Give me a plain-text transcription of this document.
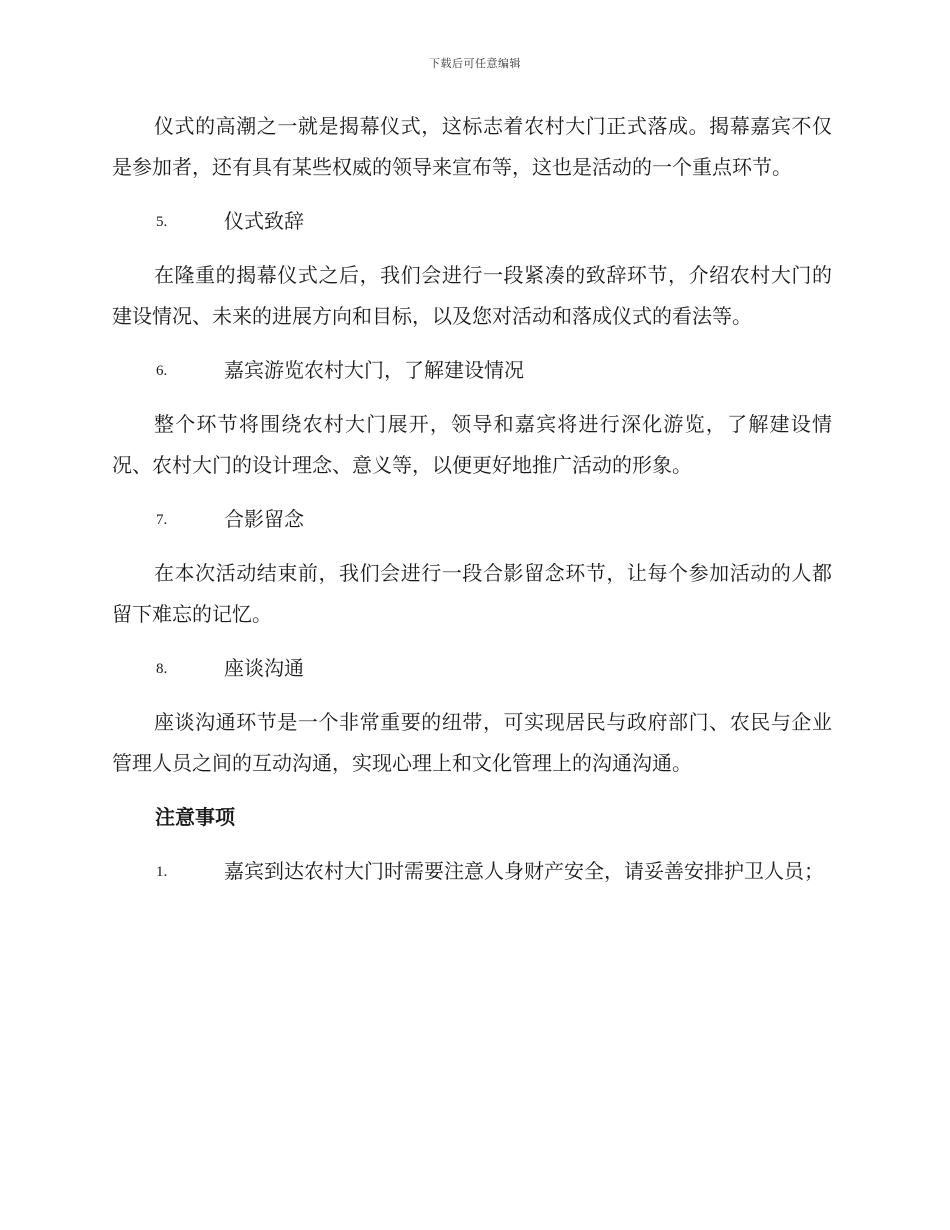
下载后可任意编辑

仪式的高潮之一就是揭幕仪式，这标志着农村大门正式落成。揭幕嘉宾不仅是参加者，还有具有某些权威的领导来宣布等，这也是活动的一个重点环节。

5.	仪式致辞

在隆重的揭幕仪式之后，我们会进行一段紧凑的致辞环节，介绍农村大门的建设情况、未来的进展方向和目标，以及您对活动和落成仪式的看法等。

6.	嘉宾游览农村大门，了解建设情况

整个环节将围绕农村大门展开，领导和嘉宾将进行深化游览，了解建设情况、农村大门的设计理念、意义等，以便更好地推广活动的形象。

7.	合影留念

在本次活动结束前，我们会进行一段合影留念环节，让每个参加活动的人都留下难忘的记忆。

8.	座谈沟通

座谈沟通环节是一个非常重要的纽带，可实现居民与政府部门、农民与企业管理人员之间的互动沟通，实现心理上和文化管理上的沟通沟通。

注意事项

1.	嘉宾到达农村大门时需要注意人身财产安全，请妥善安排护卫人员；
